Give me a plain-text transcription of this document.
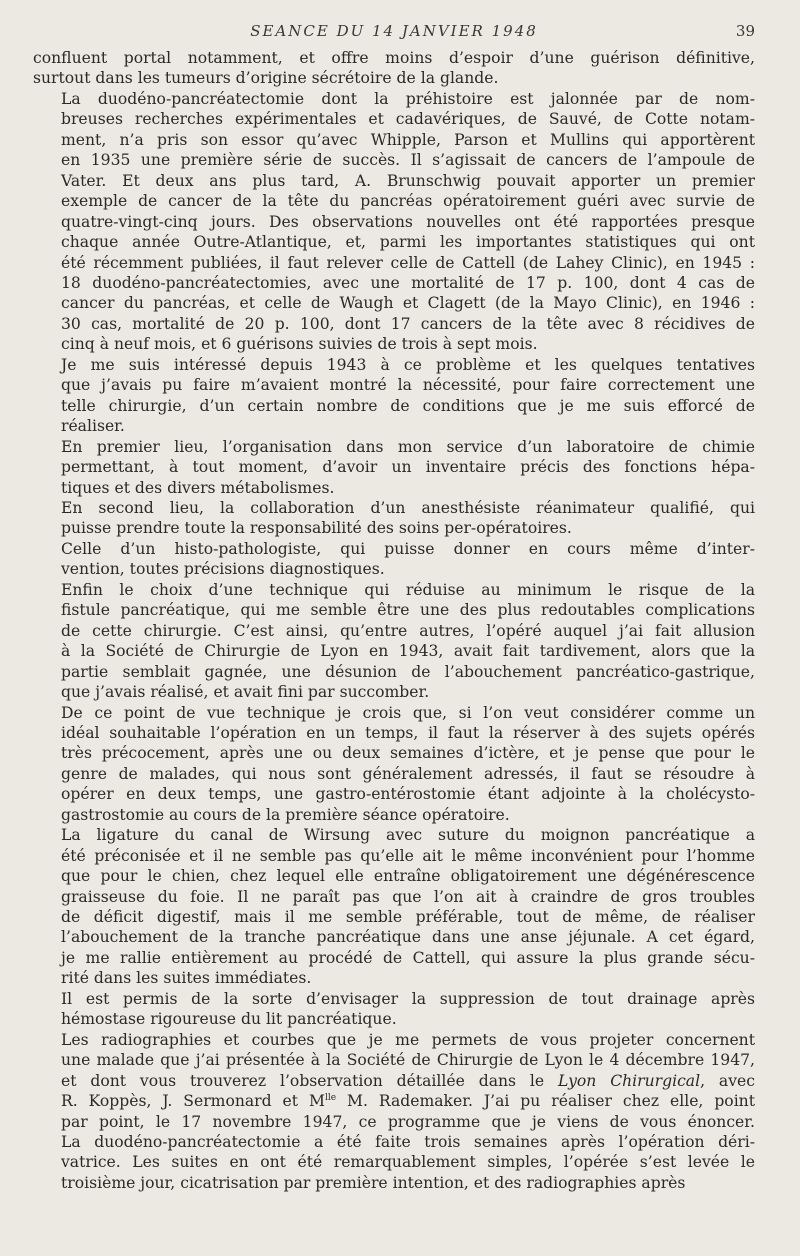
SEANCE DU 14 JANVIER 1948	39

confluent portal notamment, et offre moins d’espoir d’une guérison définitive,
surtout dans les tumeurs d’origine sécrétoire de la glande.

La duodéno-pancréatectomie dont la préhistoire est jalonnée par de nom-
breuses recherches expérimentales et cadavériques, de Sauvé, de Cotte notam-
ment, n’a pris son essor qu’avec Whipple, Parson et Mullins qui apportèrent
en 1935 une première série de succès. Il s’agissait de cancers de l’ampoule de
Vater. Et deux ans plus tard, A. Brunschwig pouvait apporter un premier
exemple de cancer de la tête du pancréas opératoirement guéri avec survie de
quatre-vingt-cinq jours. Des observations nouvelles ont été rapportées presque
chaque année Outre-Atlantique, et, parmi les importantes statistiques qui ont
été récemment publiées, il faut relever celle de Cattell (de Lahey Clinic), en 1945 :
18 duodéno-pancréatectomies, avec une mortalité de 17 p. 100, dont 4 cas de
cancer du pancréas, et celle de Waugh et Clagett (de la Mayo Clinic), en 1946 :
30 cas, mortalité de 20 p. 100, dont 17 cancers de la tête avec 8 récidives de
cinq à neuf mois, et 6 guérisons suivies de trois à sept mois.

Je me suis intéressé depuis 1943 à ce problème et les quelques tentatives
que j’avais pu faire m’avaient montré la nécessité, pour faire correctement une
telle chirurgie, d’un certain nombre de conditions que je me suis efforcé de
réaliser.

En premier lieu, l’organisation dans mon service d’un laboratoire de chimie
permettant, à tout moment, d’avoir un inventaire précis des fonctions hépa-
tiques et des divers métabolismes.

En second lieu, la collaboration d’un anesthésiste réanimateur qualifié, qui
puisse prendre toute la responsabilité des soins per-opératoires.

Celle d’un histo-pathologiste, qui puisse donner en cours même d’inter-
vention, toutes précisions diagnostiques.

Enfin le choix d’une technique qui réduise au minimum le risque de la
fistule pancréatique, qui me semble être une des plus redoutables complications
de cette chirurgie. C’est ainsi, qu’entre autres, l’opéré auquel j’ai fait allusion
à la Société de Chirurgie de Lyon en 1943, avait fait tardivement, alors que la
partie semblait gagnée, une désunion de l’abouchement pancréatico-gastrique,
que j’avais réalisé, et avait fini par succomber.

De ce point de vue technique je crois que, si l’on veut considérer comme un
idéal souhaitable l’opération en un temps, il faut la réserver à des sujets opérés
très précocement, après une ou deux semaines d’ictère, et je pense que pour le
genre de malades, qui nous sont généralement adressés, il faut se résoudre à
opérer en deux temps, une gastro-entérostomie étant adjointe à la cholécysto-
gastrostomie au cours de la première séance opératoire.

La ligature du canal de Wirsung avec suture du moignon pancréatique a
été préconisée et il ne semble pas qu’elle ait le même inconvénient pour l’homme
que pour le chien, chez lequel elle entraîne obligatoirement une dégénérescence
graisseuse du foie. Il ne paraît pas que l’on ait à craindre de gros troubles
de déficit digestif, mais il me semble préférable, tout de même, de réaliser
l’abouchement de la tranche pancréatique dans une anse jéjunale. A cet égard,
je me rallie entièrement au procédé de Cattell, qui assure la plus grande sécu-
rité dans les suites immédiates.

Il est permis de la sorte d’envisager la suppression de tout drainage après
hémostase rigoureuse du lit pancréatique.

Les radiographies et courbes que je me permets de vous projeter concernent
une malade que j’ai présentée à la Société de Chirurgie de Lyon le 4 décembre 1947,
et dont vous trouverez l’observation détaillée dans le Lyon Chirurgical, avec
R. Koppès, J. Sermonard et $M^{lle}$ M. Rademaker. J’ai pu réaliser chez elle, point
par point, le 17 novembre 1947, ce programme que je viens de vous énoncer.
La duodéno-pancréatectomie a été faite trois semaines après l’opération déri-
vatrice. Les suites en ont été remarquablement simples, l’opérée s’est levée le
troisième jour, cicatrisation par première intention, et des radiographies après
